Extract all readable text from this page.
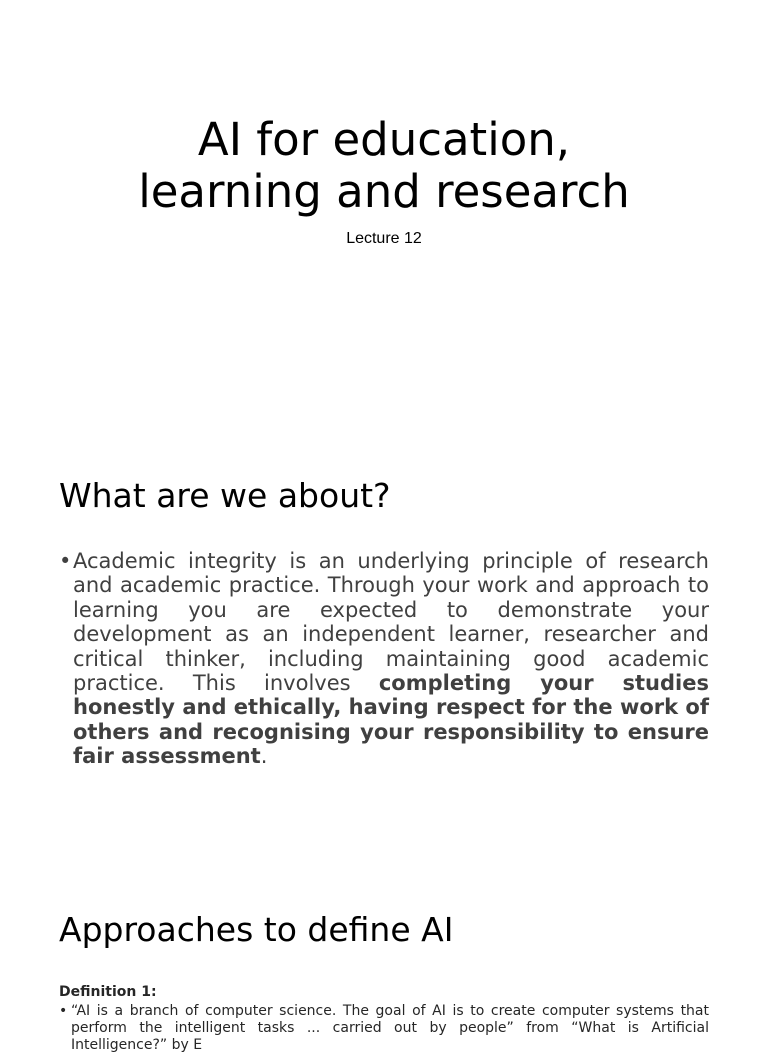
AI for education,
learning and research
Lecture 12
What are we about?
• Academic integrity is an underlying principle of research and academic practice. Through your work and approach to learning you are expected to demonstrate your development as an independent learner, researcher and critical thinker, including maintaining good academic practice. This involves completing your studies honestly and ethically, having respect for the work of others and recognising your responsibility to ensure fair assessment.
Approaches to define AI
Definition 1:
• “AI is a branch of computer science. The goal of AI is to create computer systems that perform the intelligent tasks ... carried out by people” from “What is Artificial Intelligence?” by E
